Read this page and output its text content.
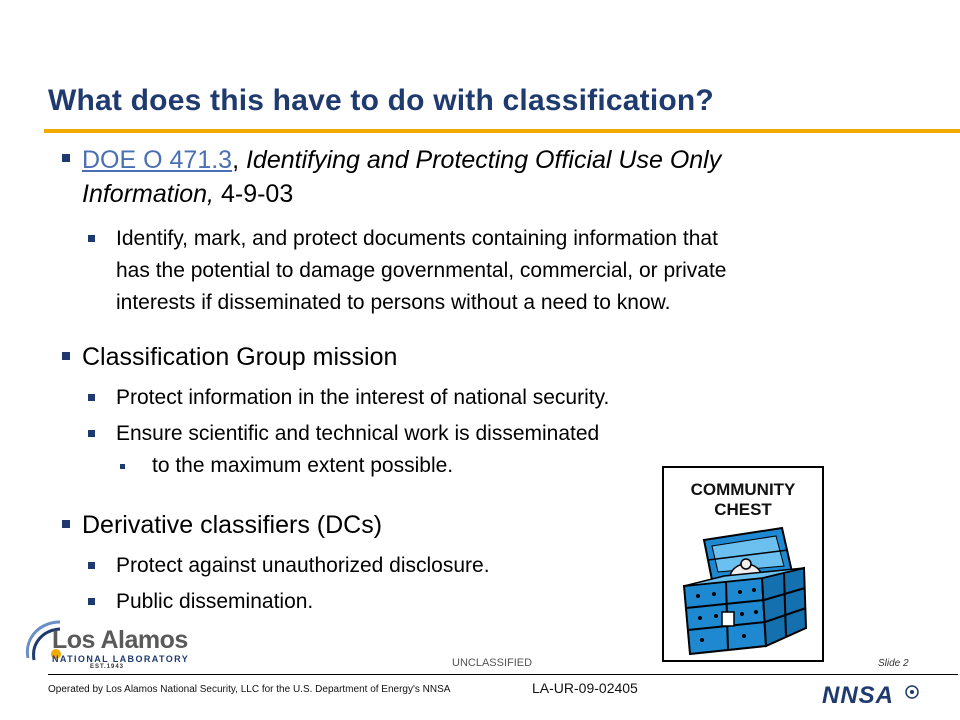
What does this have to do with classification?
DOE O 471.3, Identifying and Protecting Official Use Only
Information, 4-9-03
Identify, mark, and protect documents containing information that
has the potential to damage governmental, commercial, or private
interests if disseminated to persons without a need to know.
Classification Group mission
Protect information in the interest of national security.
Ensure scientific and technical work is disseminated
to the maximum extent possible.
Derivative classifiers (DCs)
Protect against unauthorized disclosure.
Public dissemination.
COMMUNITY
CHEST
Los Alamos
NATIONAL LABORATORY
EST.1943	UNCLASSIFIED	Slide 2
Operated by Los Alamos National Security, LLC for the U.S. Department of Energy's NNSA	LA-UR-09-02405	NNSA
